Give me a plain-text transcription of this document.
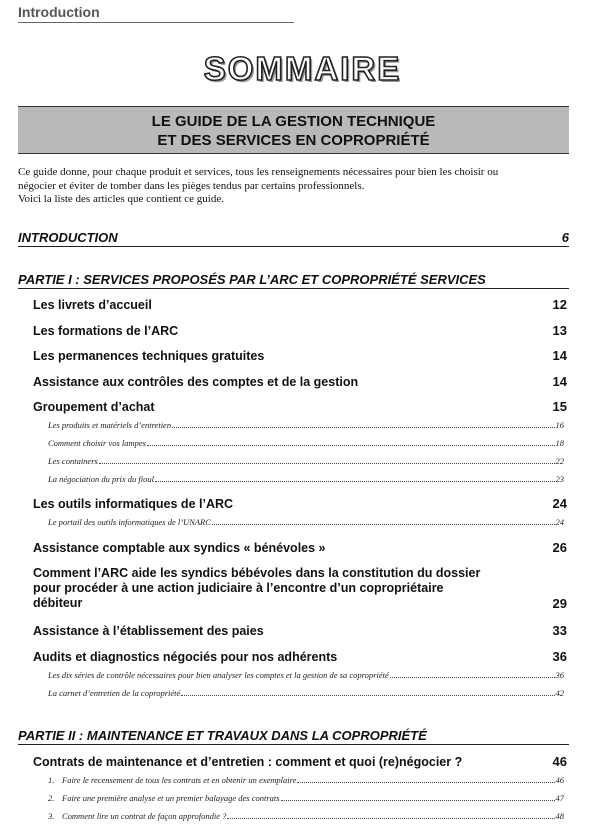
Introduction
SOMMAIRE
LE GUIDE DE LA GESTION TECHNIQUE
ET DES SERVICES EN COPROPRIÉTÉ
Ce guide donne, pour chaque produit et services, tous les renseignements nécessaires pour bien les choisir ou
négocier et éviter de tomber dans les pièges tendus par certains professionnels.
Voici la liste des articles que contient ce guide.
INTRODUCTION	6
PARTIE I : SERVICES PROPOSÉS PAR L’ARC ET COPROPRIÉTÉ SERVICES
Les livrets d’accueil	12
Les formations de l’ARC	13
Les permanences techniques gratuites	14
Assistance aux contrôles des comptes et de la gestion	14
Groupement d’achat	15
Les produits et matériels d’entretien	16
Comment choisir vos lampes	18
Les containers	22
La négociation du prix du fioul	23
Les outils informatiques de l’ARC	24
Le portail des outils informatiques de l’UNARC	24
Assistance comptable aux syndics « bénévoles »	26
Comment l’ARC aide les syndics bébévoles dans la constitution du dossier
pour procéder à une action judiciaire à l’encontre d’un copropriétaire
débiteur	29
Assistance à l’établissement des paies	33
Audits et diagnostics négociés pour nos adhérents	36
Les dix séries de contrôle nécessaires pour bien analyser les comptes et la gestion de sa copropriété	36
La carnet d’entretien de la copropriété	42
PARTIE II : MAINTENANCE ET TRAVAUX DANS LA COPROPRIÉTÉ
Contrats de maintenance et d’entretien : comment et quoi (re)négocier ?	46
1. Faire le recensement de tous les contrats et en obtenir un exemplaire	46
2. Faire une première analyse et un premier balayage des contrats	47
3. Comment lire un contrat de façon approfondie ?	48
